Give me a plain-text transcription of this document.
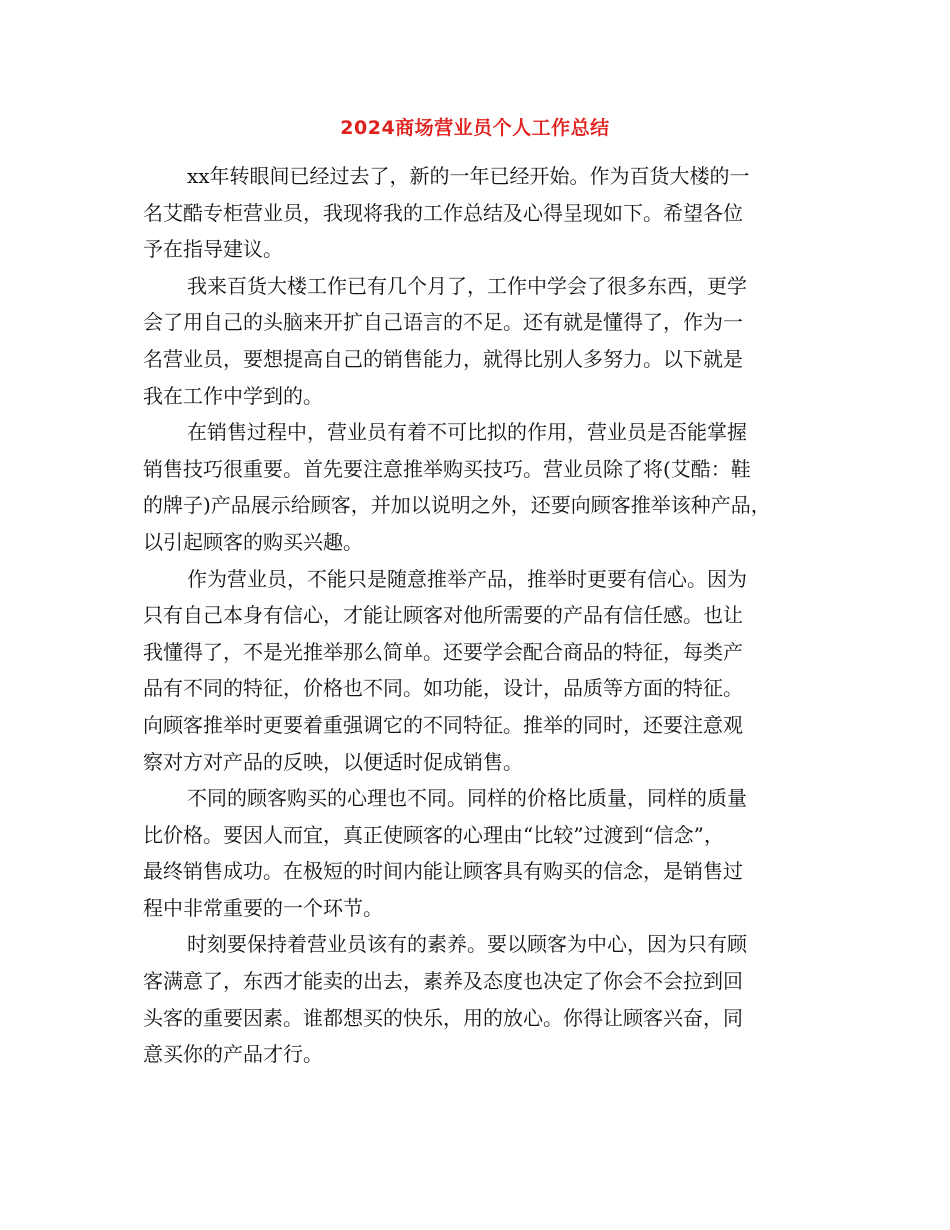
2024商场营业员个人工作总结

xx年转眼间已经过去了，新的一年已经开始。作为百货大楼的一
名艾酷专柜营业员，我现将我的工作总结及心得呈现如下。希望各位
予在指导建议。

我来百货大楼工作已有几个月了，工作中学会了很多东西，更学
会了用自己的头脑来开扩自己语言的不足。还有就是懂得了，作为一
名营业员，要想提高自己的销售能力，就得比别人多努力。以下就是
我在工作中学到的。

在销售过程中，营业员有着不可比拟的作用，营业员是否能掌握
销售技巧很重要。首先要注意推举购买技巧。营业员除了将(艾酷：鞋
的牌子)产品展示给顾客，并加以说明之外，还要向顾客推举该种产品，
以引起顾客的购买兴趣。

作为营业员，不能只是随意推举产品，推举时更要有信心。因为
只有自己本身有信心，才能让顾客对他所需要的产品有信任感。也让
我懂得了，不是光推举那么简单。还要学会配合商品的特征，每类产
品有不同的特征，价格也不同。如功能，设计，品质等方面的特征。
向顾客推举时更要着重强调它的不同特征。推举的同时，还要注意观
察对方对产品的反映，以便适时促成销售。

不同的顾客购买的心理也不同。同样的价格比质量，同样的质量
比价格。要因人而宜，真正使顾客的心理由“比较”过渡到“信念”，
最终销售成功。在极短的时间内能让顾客具有购买的信念，是销售过
程中非常重要的一个环节。

时刻要保持着营业员该有的素养。要以顾客为中心，因为只有顾
客满意了，东西才能卖的出去，素养及态度也决定了你会不会拉到回
头客的重要因素。谁都想买的快乐，用的放心。你得让顾客兴奋，同
意买你的产品才行。
